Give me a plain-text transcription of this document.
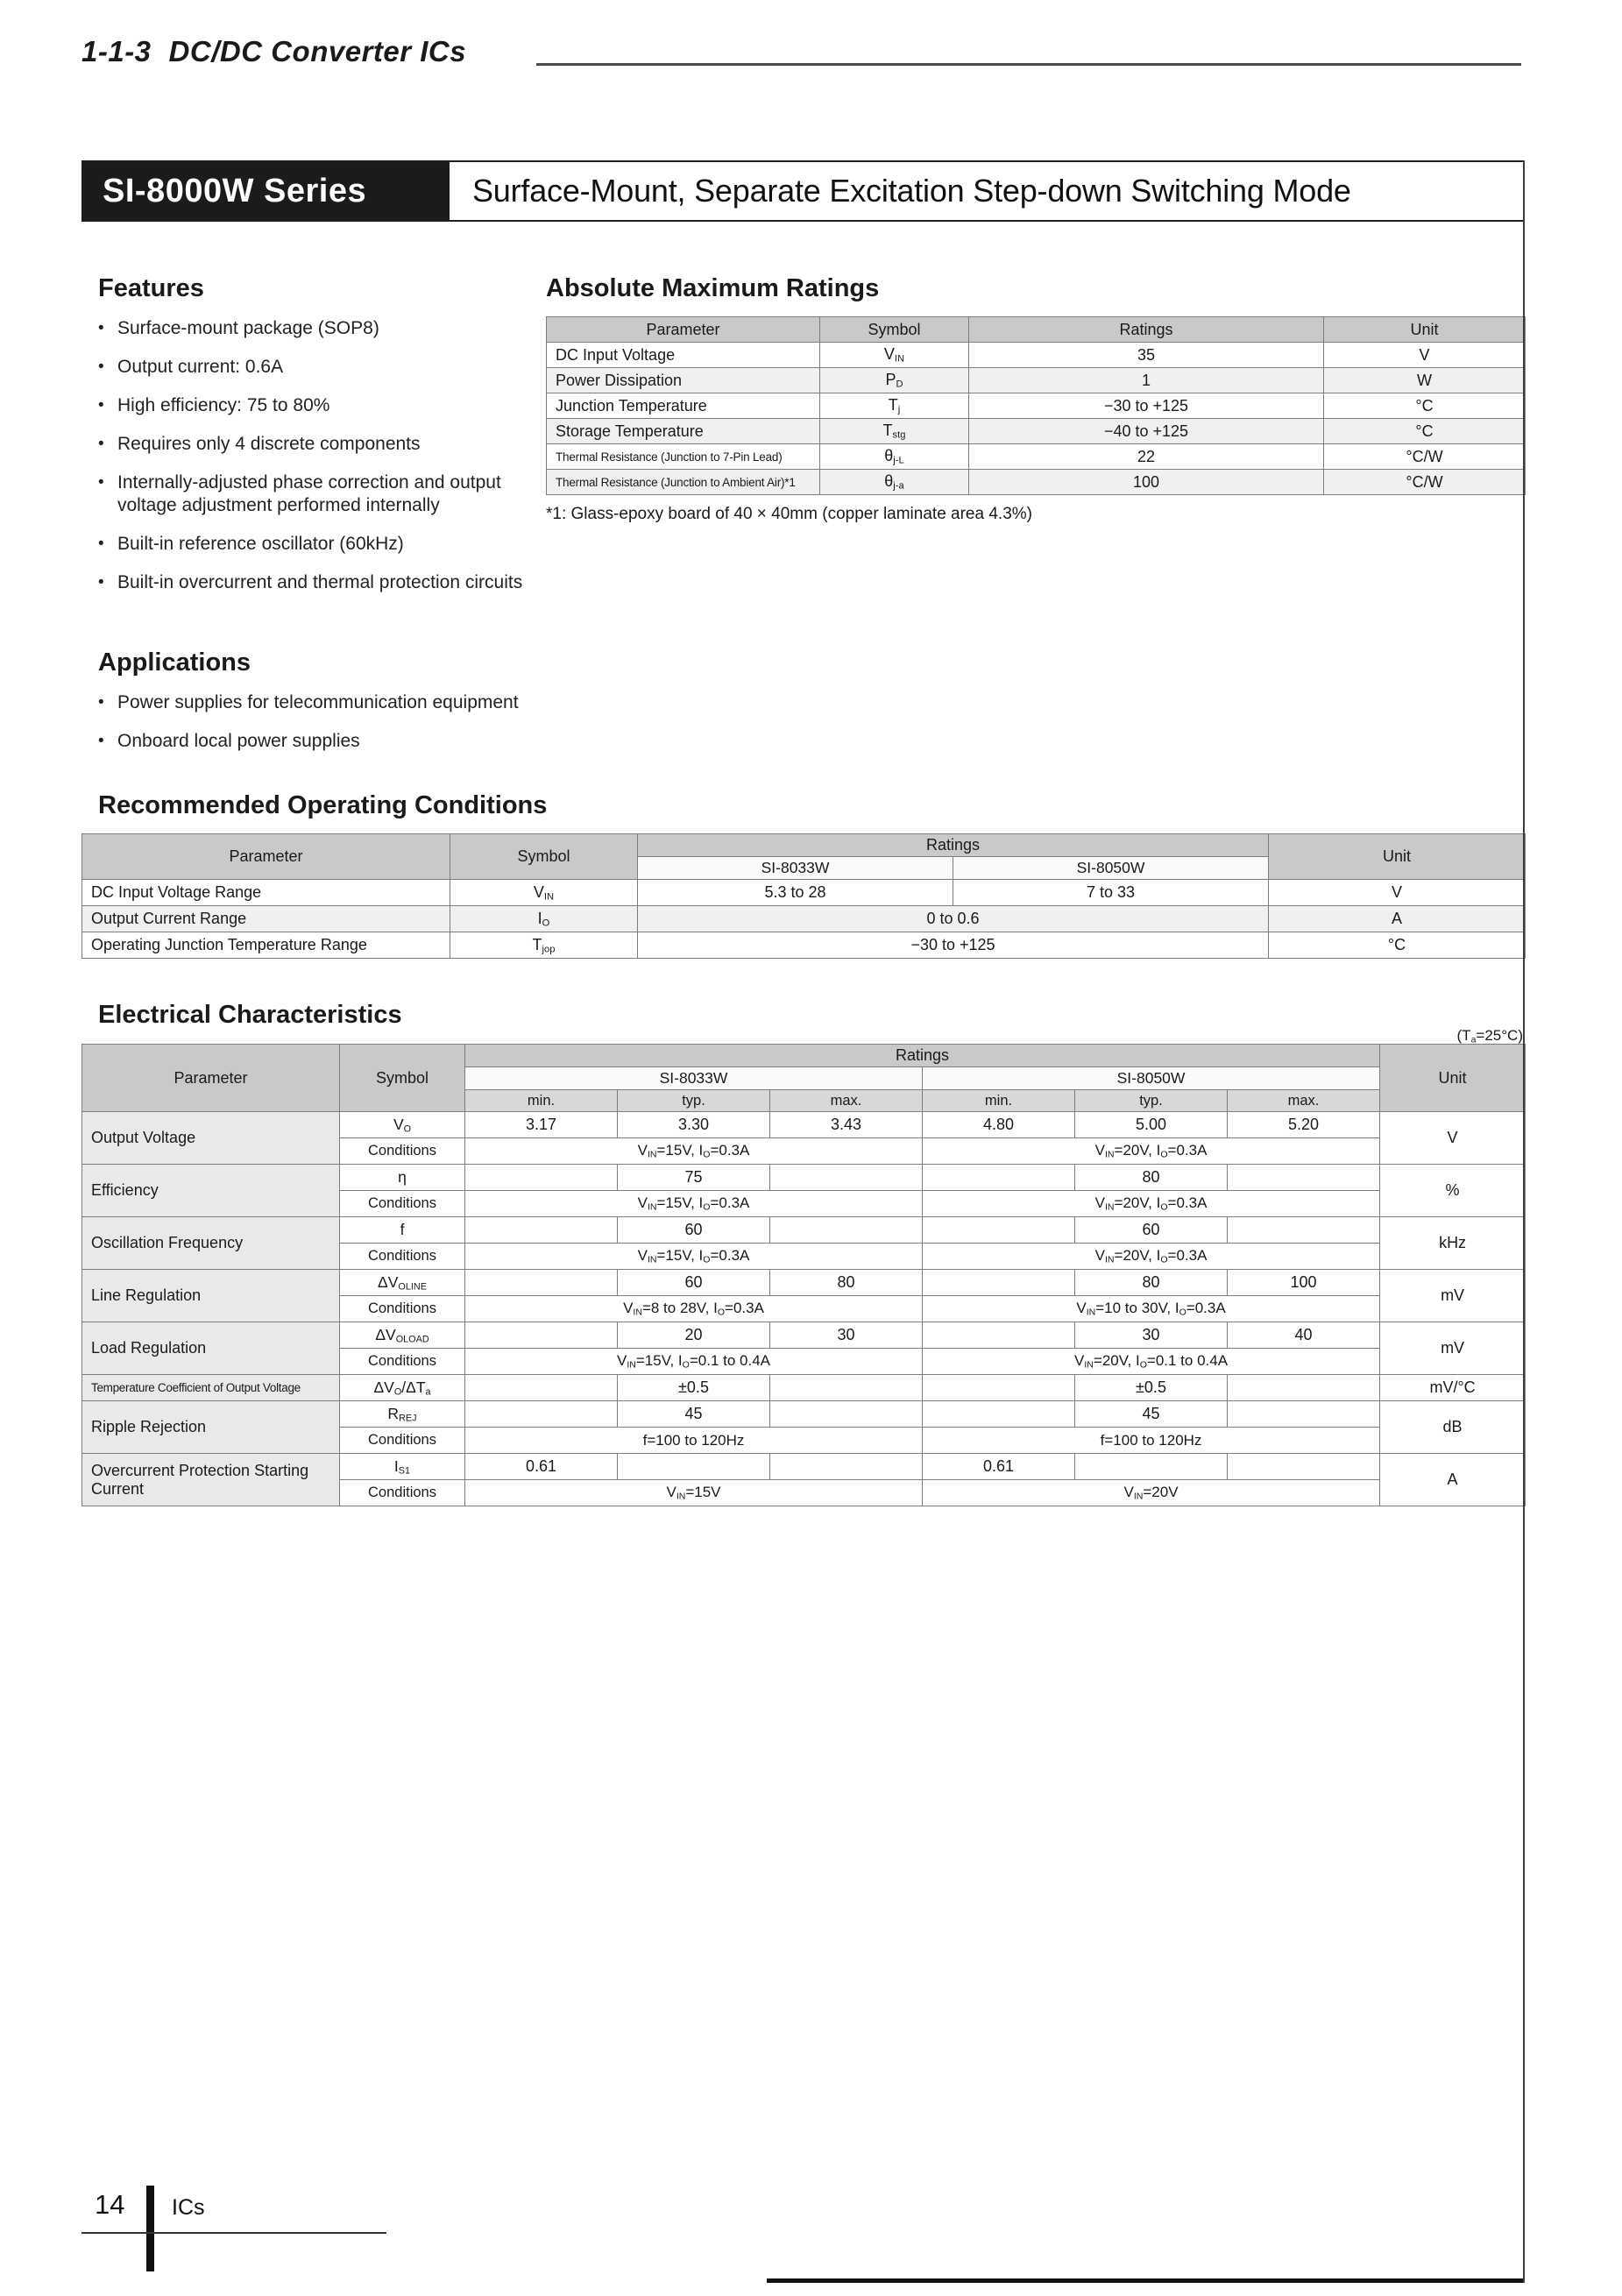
1-1-3 DC/DC Converter ICs
SI-8000W Series	Surface-Mount, Separate Excitation Step-down Switching Mode
Features
• Surface-mount package (SOP8)
• Output current: 0.6A
• High efficiency: 75 to 80%
• Requires only 4 discrete components
• Internally-adjusted phase correction and output voltage adjustment performed internally
• Built-in reference oscillator (60kHz)
• Built-in overcurrent and thermal protection circuits
Absolute Maximum Ratings
Parameter	Symbol	Ratings	Unit
DC Input Voltage	$V_{IN}$	35	V
Power Dissipation	$P_D$	1	W
Junction Temperature	$T_j$	−30 to +125	°C
Storage Temperature	$T_{stg}$	−40 to +125	°C
Thermal Resistance (Junction to 7-Pin Lead)	$\theta_{j-L}$	22	°C/W
Thermal Resistance (Junction to Ambient Air)*1	$\theta_{j-a}$	100	°C/W
*1: Glass-epoxy board of 40 × 40mm (copper laminate area 4.3%)
Applications
• Power supplies for telecommunication equipment
• Onboard local power supplies
Recommended Operating Conditions
Parameter	Symbol	Ratings		Unit
		SI-8033W	SI-8050W	
DC Input Voltage Range	$V_{IN}$	5.3 to 28	7 to 33	V
Output Current Range	$I_O$	0 to 0.6		A
Operating Junction Temperature Range	$T_{jop}$	−30 to +125		°C
Electrical Characteristics
$(T_a=25^\circ C)$
Parameter	Symbol	Ratings						Unit
		SI-8033W			SI-8050W			
		min.	typ.	max.	min.	typ.	max.	
Output Voltage	$V_O$	3.17	3.30	3.43	4.80	5.00	5.20	V
	Conditions	$V_{IN}=15V$, $I_O=0.3A$			$V_{IN}=20V$, $I_O=0.3A$			
Efficiency	η		75			80		%
	Conditions	$V_{IN}=15V$, $I_O=0.3A$			$V_{IN}=20V$, $I_O=0.3A$			
Oscillation Frequency	f		60			60		kHz
	Conditions	$V_{IN}=15V$, $I_O=0.3A$			$V_{IN}=20V$, $I_O=0.3A$			
Line Regulation	$\Delta V_{OLINE}$		60	80		80	100	mV
	Conditions	$V_{IN}=8$ to 28V, $I_O=0.3A$			$V_{IN}=10$ to 30V, $I_O=0.3A$			
Load Regulation	$\Delta V_{OLOAD}$		20	30		30	40	mV
	Conditions	$V_{IN}=15V$, $I_O=0.1$ to 0.4A			$V_{IN}=20V$, $I_O=0.1$ to 0.4A			
Temperature Coefficient of Output Voltage	$\Delta V_O/\Delta T_a$		±0.5			±0.5		mV/°C
Ripple Rejection	$R_{REJ}$		45			45		dB
	Conditions	f=100 to 120Hz			f=100 to 120Hz			
Overcurrent Protection Starting Current	$I_{S1}$	0.61			0.61			A
	Conditions	$V_{IN}=15V$			$V_{IN}=20V$			
14 ICs
